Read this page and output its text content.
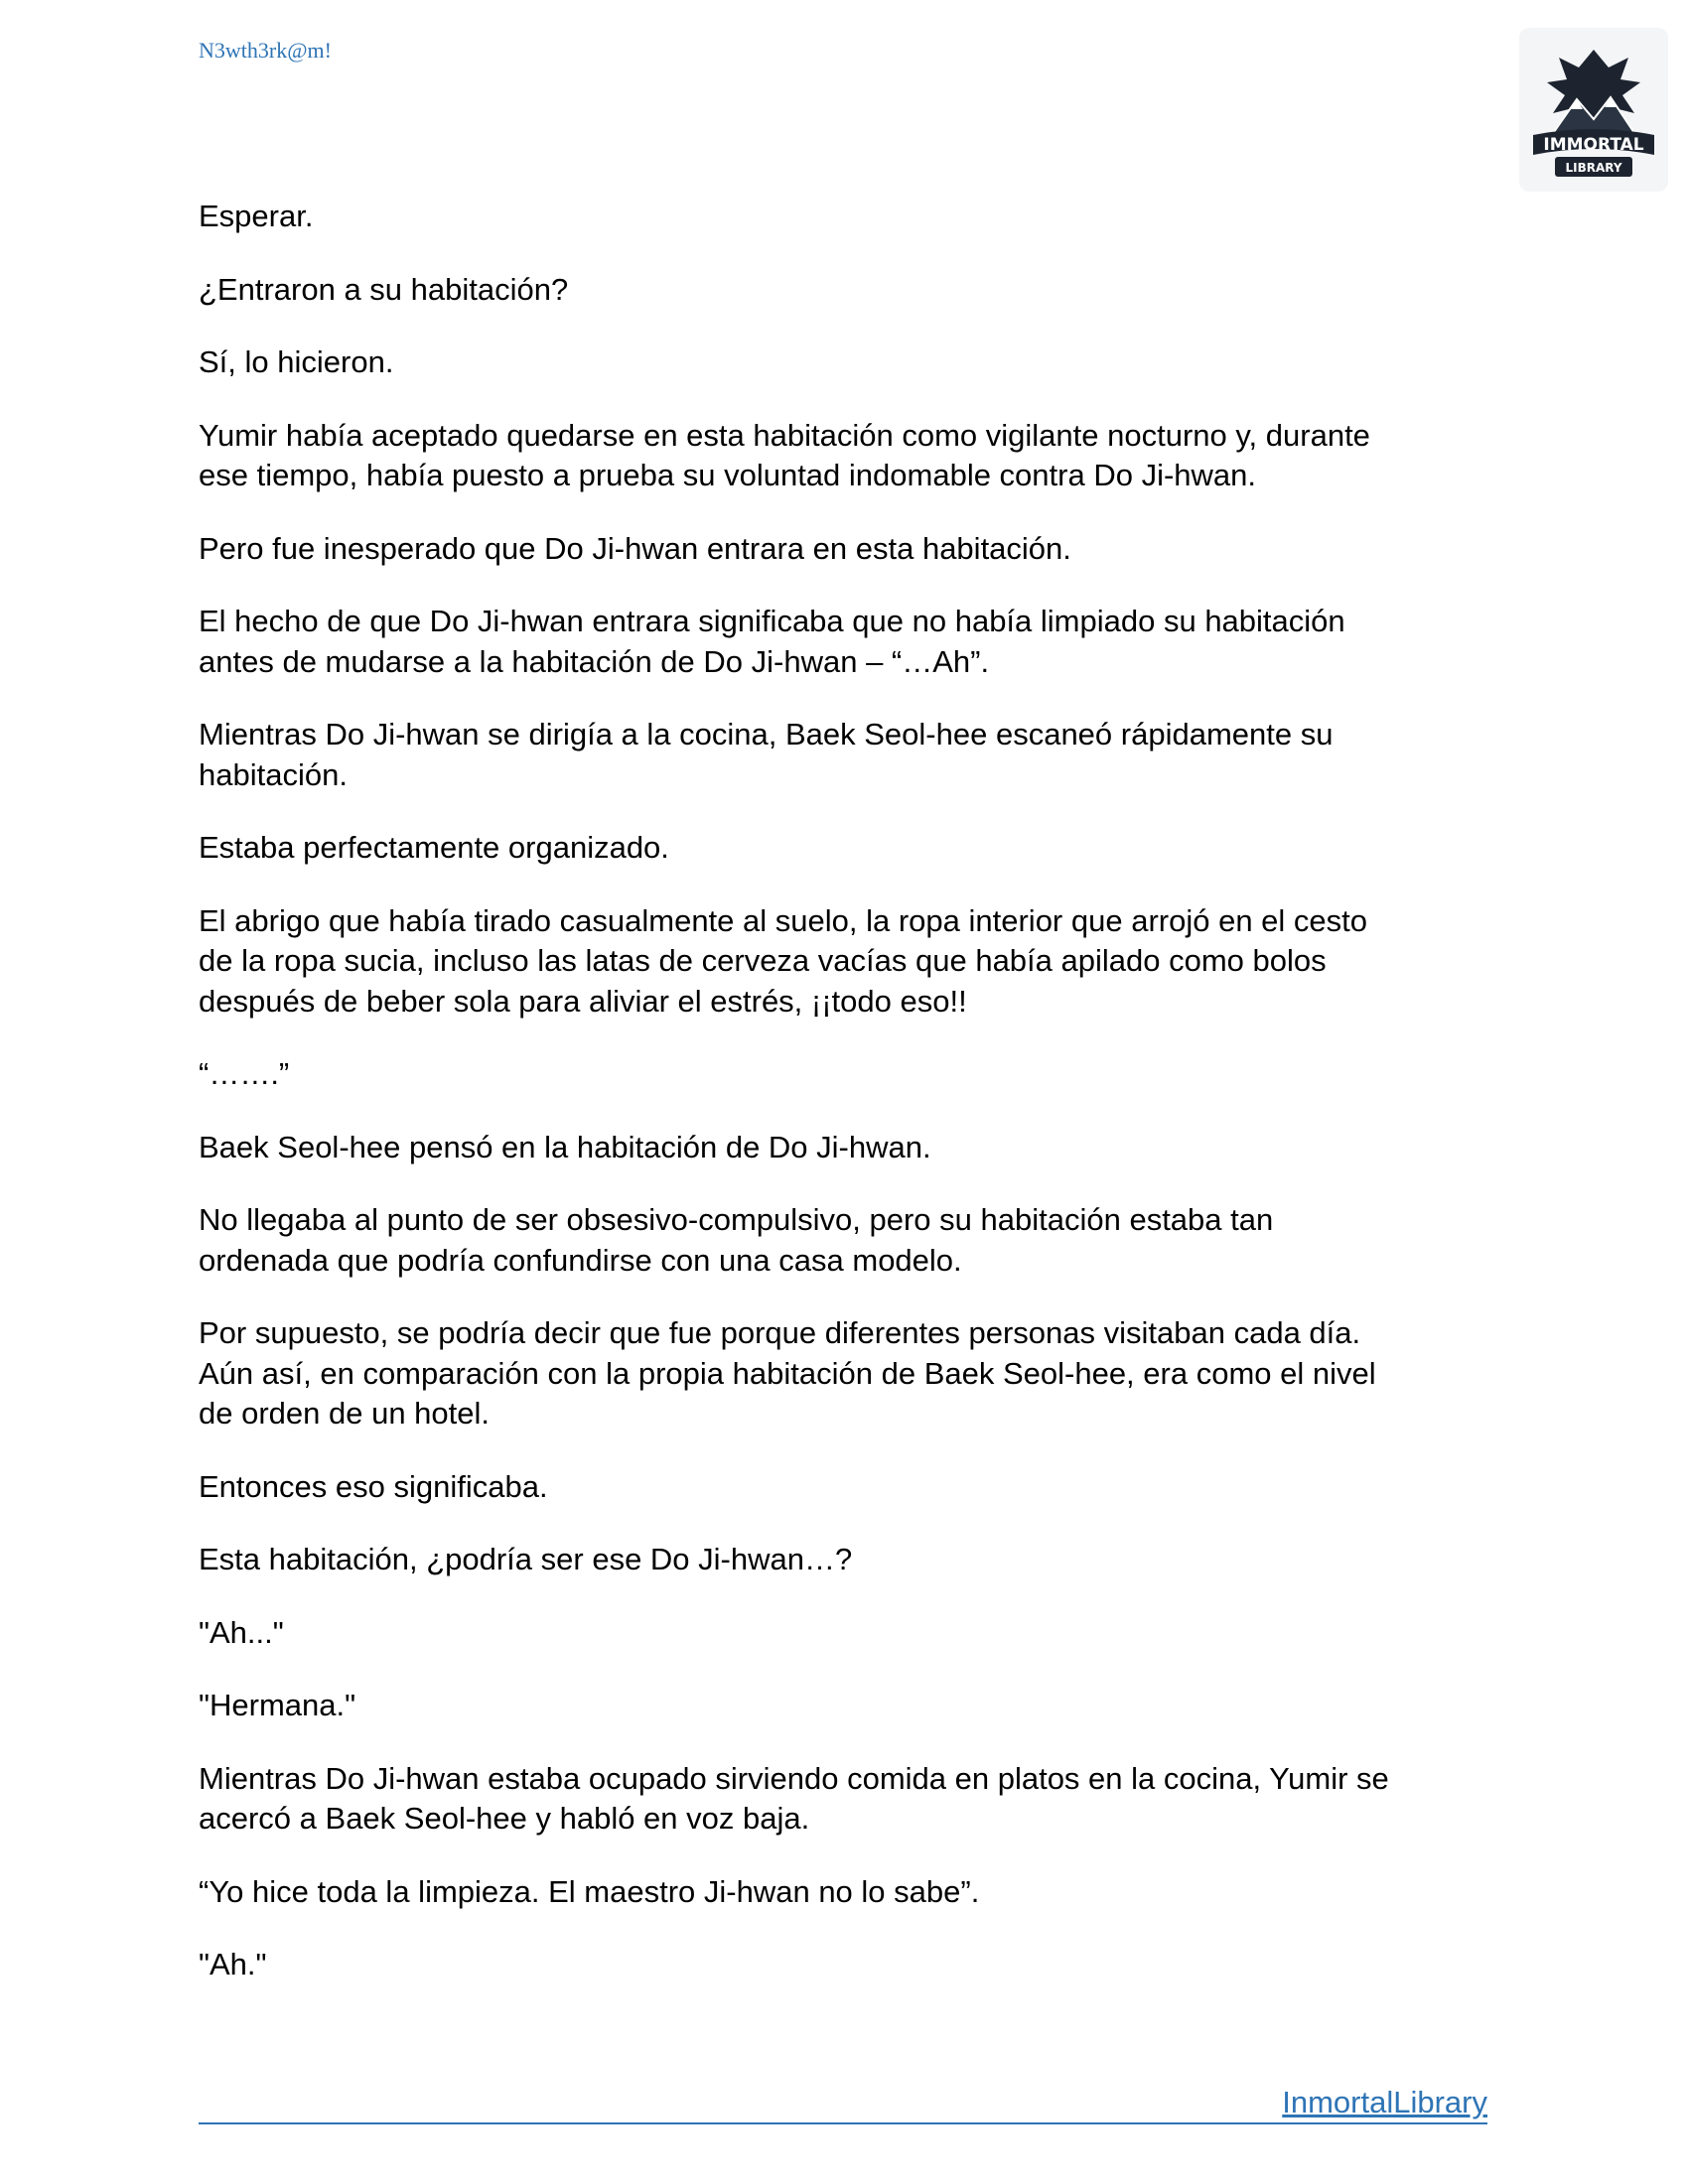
N3wth3rk@m!
IMMORTAL
LIBRARY

Esperar.

¿Entraron a su habitación?

Sí, lo hicieron.

Yumir había aceptado quedarse en esta habitación como vigilante nocturno y, durante
ese tiempo, había puesto a prueba su voluntad indomable contra Do Ji-hwan.

Pero fue inesperado que Do Ji-hwan entrara en esta habitación.

El hecho de que Do Ji-hwan entrara significaba que no había limpiado su habitación
antes de mudarse a la habitación de Do Ji-hwan – “…Ah”.

Mientras Do Ji-hwan se dirigía a la cocina, Baek Seol-hee escaneó rápidamente su
habitación.

Estaba perfectamente organizado.

El abrigo que había tirado casualmente al suelo, la ropa interior que arrojó en el cesto
de la ropa sucia, incluso las latas de cerveza vacías que había apilado como bolos
después de beber sola para aliviar el estrés, ¡¡todo eso!!

“…….”

Baek Seol-hee pensó en la habitación de Do Ji-hwan.

No llegaba al punto de ser obsesivo-compulsivo, pero su habitación estaba tan
ordenada que podría confundirse con una casa modelo.

Por supuesto, se podría decir que fue porque diferentes personas visitaban cada día.
Aún así, en comparación con la propia habitación de Baek Seol-hee, era como el nivel
de orden de un hotel.

Entonces eso significaba.

Esta habitación, ¿podría ser ese Do Ji-hwan…?

"Ah..."

"Hermana."

Mientras Do Ji-hwan estaba ocupado sirviendo comida en platos en la cocina, Yumir se
acercó a Baek Seol-hee y habló en voz baja.

“Yo hice toda la limpieza. El maestro Ji-hwan no lo sabe”.

"Ah."

InmortalLibrary
